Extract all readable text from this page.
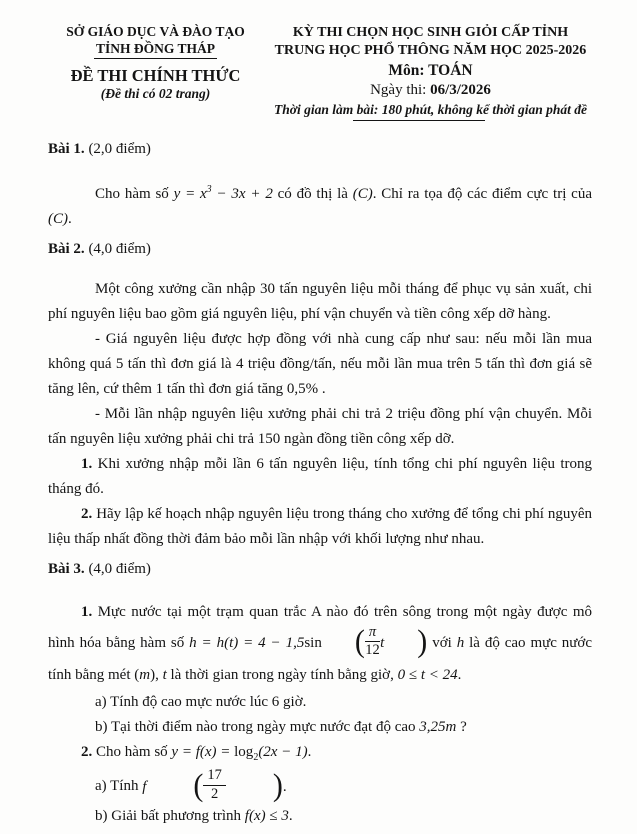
SỞ GIÁO DỤC VÀ ĐÀO TẠO
TỈNH ĐỒNG THÁP
ĐỀ THI CHÍNH THỨC
(Đề thi có 02 trang)
KỲ THI CHỌN HỌC SINH GIỎI CẤP TỈNH
TRUNG HỌC PHỔ THÔNG NĂM HỌC 2025-2026
Môn: TOÁN
Ngày thi: 06/3/2026
Thời gian làm bài: 180 phút, không kể thời gian phát đề

Bài 1. (2,0 điểm)

Cho hàm số $y = x^3 - 3x + 2$ có đồ thị là (C). Chỉ ra tọa độ các điểm cực trị của (C).

Bài 2. (4,0 điểm)

Một công xưởng cần nhập 30 tấn nguyên liệu mỗi tháng để phục vụ sản xuất, chi phí nguyên liệu bao gồm giá nguyên liệu, phí vận chuyển và tiền công xếp dỡ hàng.

- Giá nguyên liệu được hợp đồng với nhà cung cấp như sau: nếu mỗi lần mua không quá 5 tấn thì đơn giá là 4 triệu đồng/tấn, nếu mỗi lần mua trên 5 tấn thì đơn giá sẽ tăng lên, cứ thêm 1 tấn thì đơn giá tăng 0,5% .

- Mỗi lần nhập nguyên liệu xưởng phải chi trả 2 triệu đồng phí vận chuyển. Mỗi tấn nguyên liệu xưởng phải chi trả 150 ngàn đồng tiền công xếp dỡ.

1. Khi xưởng nhập mỗi lần 6 tấn nguyên liệu, tính tổng chi phí nguyên liệu trong tháng đó.

2. Hãy lập kế hoạch nhập nguyên liệu trong tháng cho xưởng để tổng chi phí nguyên liệu thấp nhất đồng thời đảm bảo mỗi lần nhập với khối lượng như nhau.

Bài 3. (4,0 điểm)

1. Mực nước tại một trạm quan trắc A nào đó trên sông trong một ngày được mô hình hóa bằng hàm số h = h(t) = 4 − 1,5sin ( $\frac{\pi}{12}$ t ) với h là độ cao mực nước tính bằng mét (m), t là thời gian trong ngày tính bằng giờ, 0 ≤ t < 24.

a) Tính độ cao mực nước lúc 6 giờ.

b) Tại thời điểm nào trong ngày mực nước đạt độ cao 3,25m ?

2. Cho hàm số $y = f(x) = \log_2(2x - 1)$.

a) Tính f ( $\frac{17}{2}$ ).

b) Giải bất phương trình f(x) ≤ 3.
